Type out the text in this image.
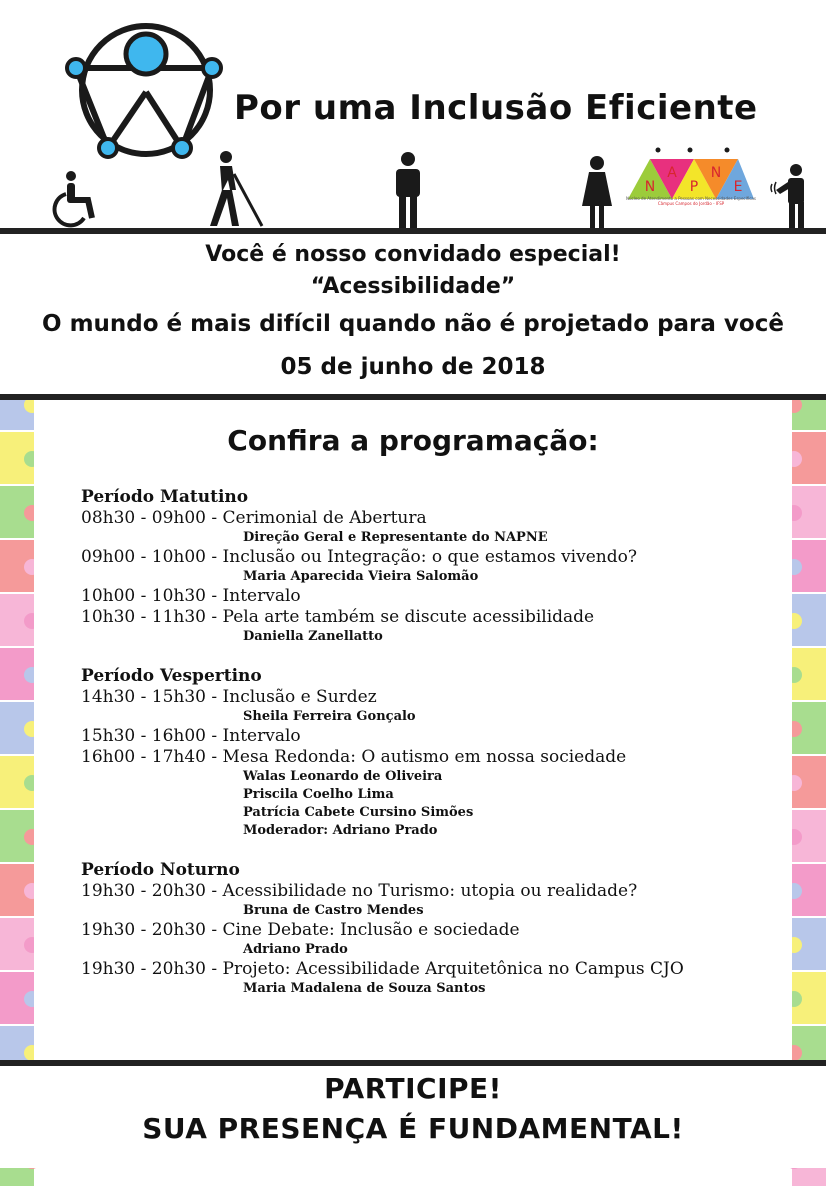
Por uma Inclusão Eficiente
N
A
P
N
E
Núcleo de Atendimento a Pessoas com Necessidades Específicas
Câmpus Campos do Jordão - IFSP
Você é nosso convidado especial!
“Acessibilidade”
O mundo é mais difícil quando não é projetado para você
05 de junho de 2018
Confira a programação:
Período Matutino
08h30 - 09h00 - Cerimonial de Abertura
Direção Geral e Representante do NAPNE
09h00 - 10h00 - Inclusão ou Integração: o que estamos vivendo?
Maria Aparecida Vieira Salomão
10h00 - 10h30 - Intervalo
10h30 - 11h30 - Pela arte também se discute acessibilidade
Daniella Zanellatto
Período Vespertino
14h30 - 15h30 - Inclusão e Surdez
Sheila Ferreira Gonçalo
15h30 - 16h00 - Intervalo
16h00 - 17h40 - Mesa Redonda: O autismo em nossa sociedade
Walas Leonardo de Oliveira
Priscila Coelho Lima
Patrícia Cabete Cursino Simões
Moderador: Adriano Prado
Período Noturno
19h30 - 20h30 - Acessibilidade no Turismo: utopia ou realidade?
Bruna de Castro Mendes
19h30 - 20h30 - Cine Debate: Inclusão e sociedade
Adriano Prado
19h30 - 20h30 - Projeto: Acessibilidade Arquitetônica no Campus CJO
Maria Madalena de Souza Santos
PARTICIPE!
SUA PRESENÇA É FUNDAMENTAL!
